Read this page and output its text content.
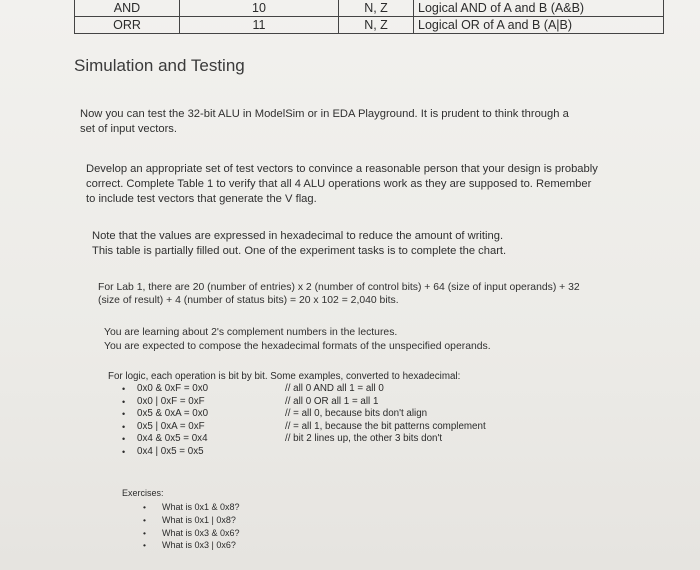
AND	10	N, Z	Logical AND of A and B (A&B)
ORR	11	N, Z	Logical OR of A and B (A|B)
Simulation and Testing
Now you can test the 32-bit ALU in ModelSim or in EDA Playground. It is prudent to think through a
set of input vectors.
Develop an appropriate set of test vectors to convince a reasonable person that your design is probably
correct. Complete Table 1 to verify that all 4 ALU operations work as they are supposed to. Remember
to include test vectors that generate the V flag.
Note that the values are expressed in hexadecimal to reduce the amount of writing.
This table is partially filled out. One of the experiment tasks is to complete the chart.
For Lab 1, there are 20 (number of entries) x 2 (number of control bits) + 64 (size of input operands) + 32
(size of result) + 4 (number of status bits) = 20 x 102 = 2,040 bits.
You are learning about 2's complement numbers in the lectures.
You are expected to compose the hexadecimal formats of the unspecified operands.
For logic, each operation is bit by bit. Some examples, converted to hexadecimal:
• 0x0 & 0xF = 0x0	// all 0 AND all 1 = all 0
• 0x0 | 0xF = 0xF	// all 0 OR all 1 = all 1
• 0x5 & 0xA = 0x0	// = all 0, because bits don't align
• 0x5 | 0xA = 0xF	// = all 1, because the bit patterns complement
• 0x4 & 0x5 = 0x4	// bit 2 lines up, the other 3 bits don't
• 0x4 | 0x5 = 0x5
Exercises:
• What is 0x1 & 0x8?
• What is 0x1 | 0x8?
• What is 0x3 & 0x6?
• What is 0x3 | 0x6?
